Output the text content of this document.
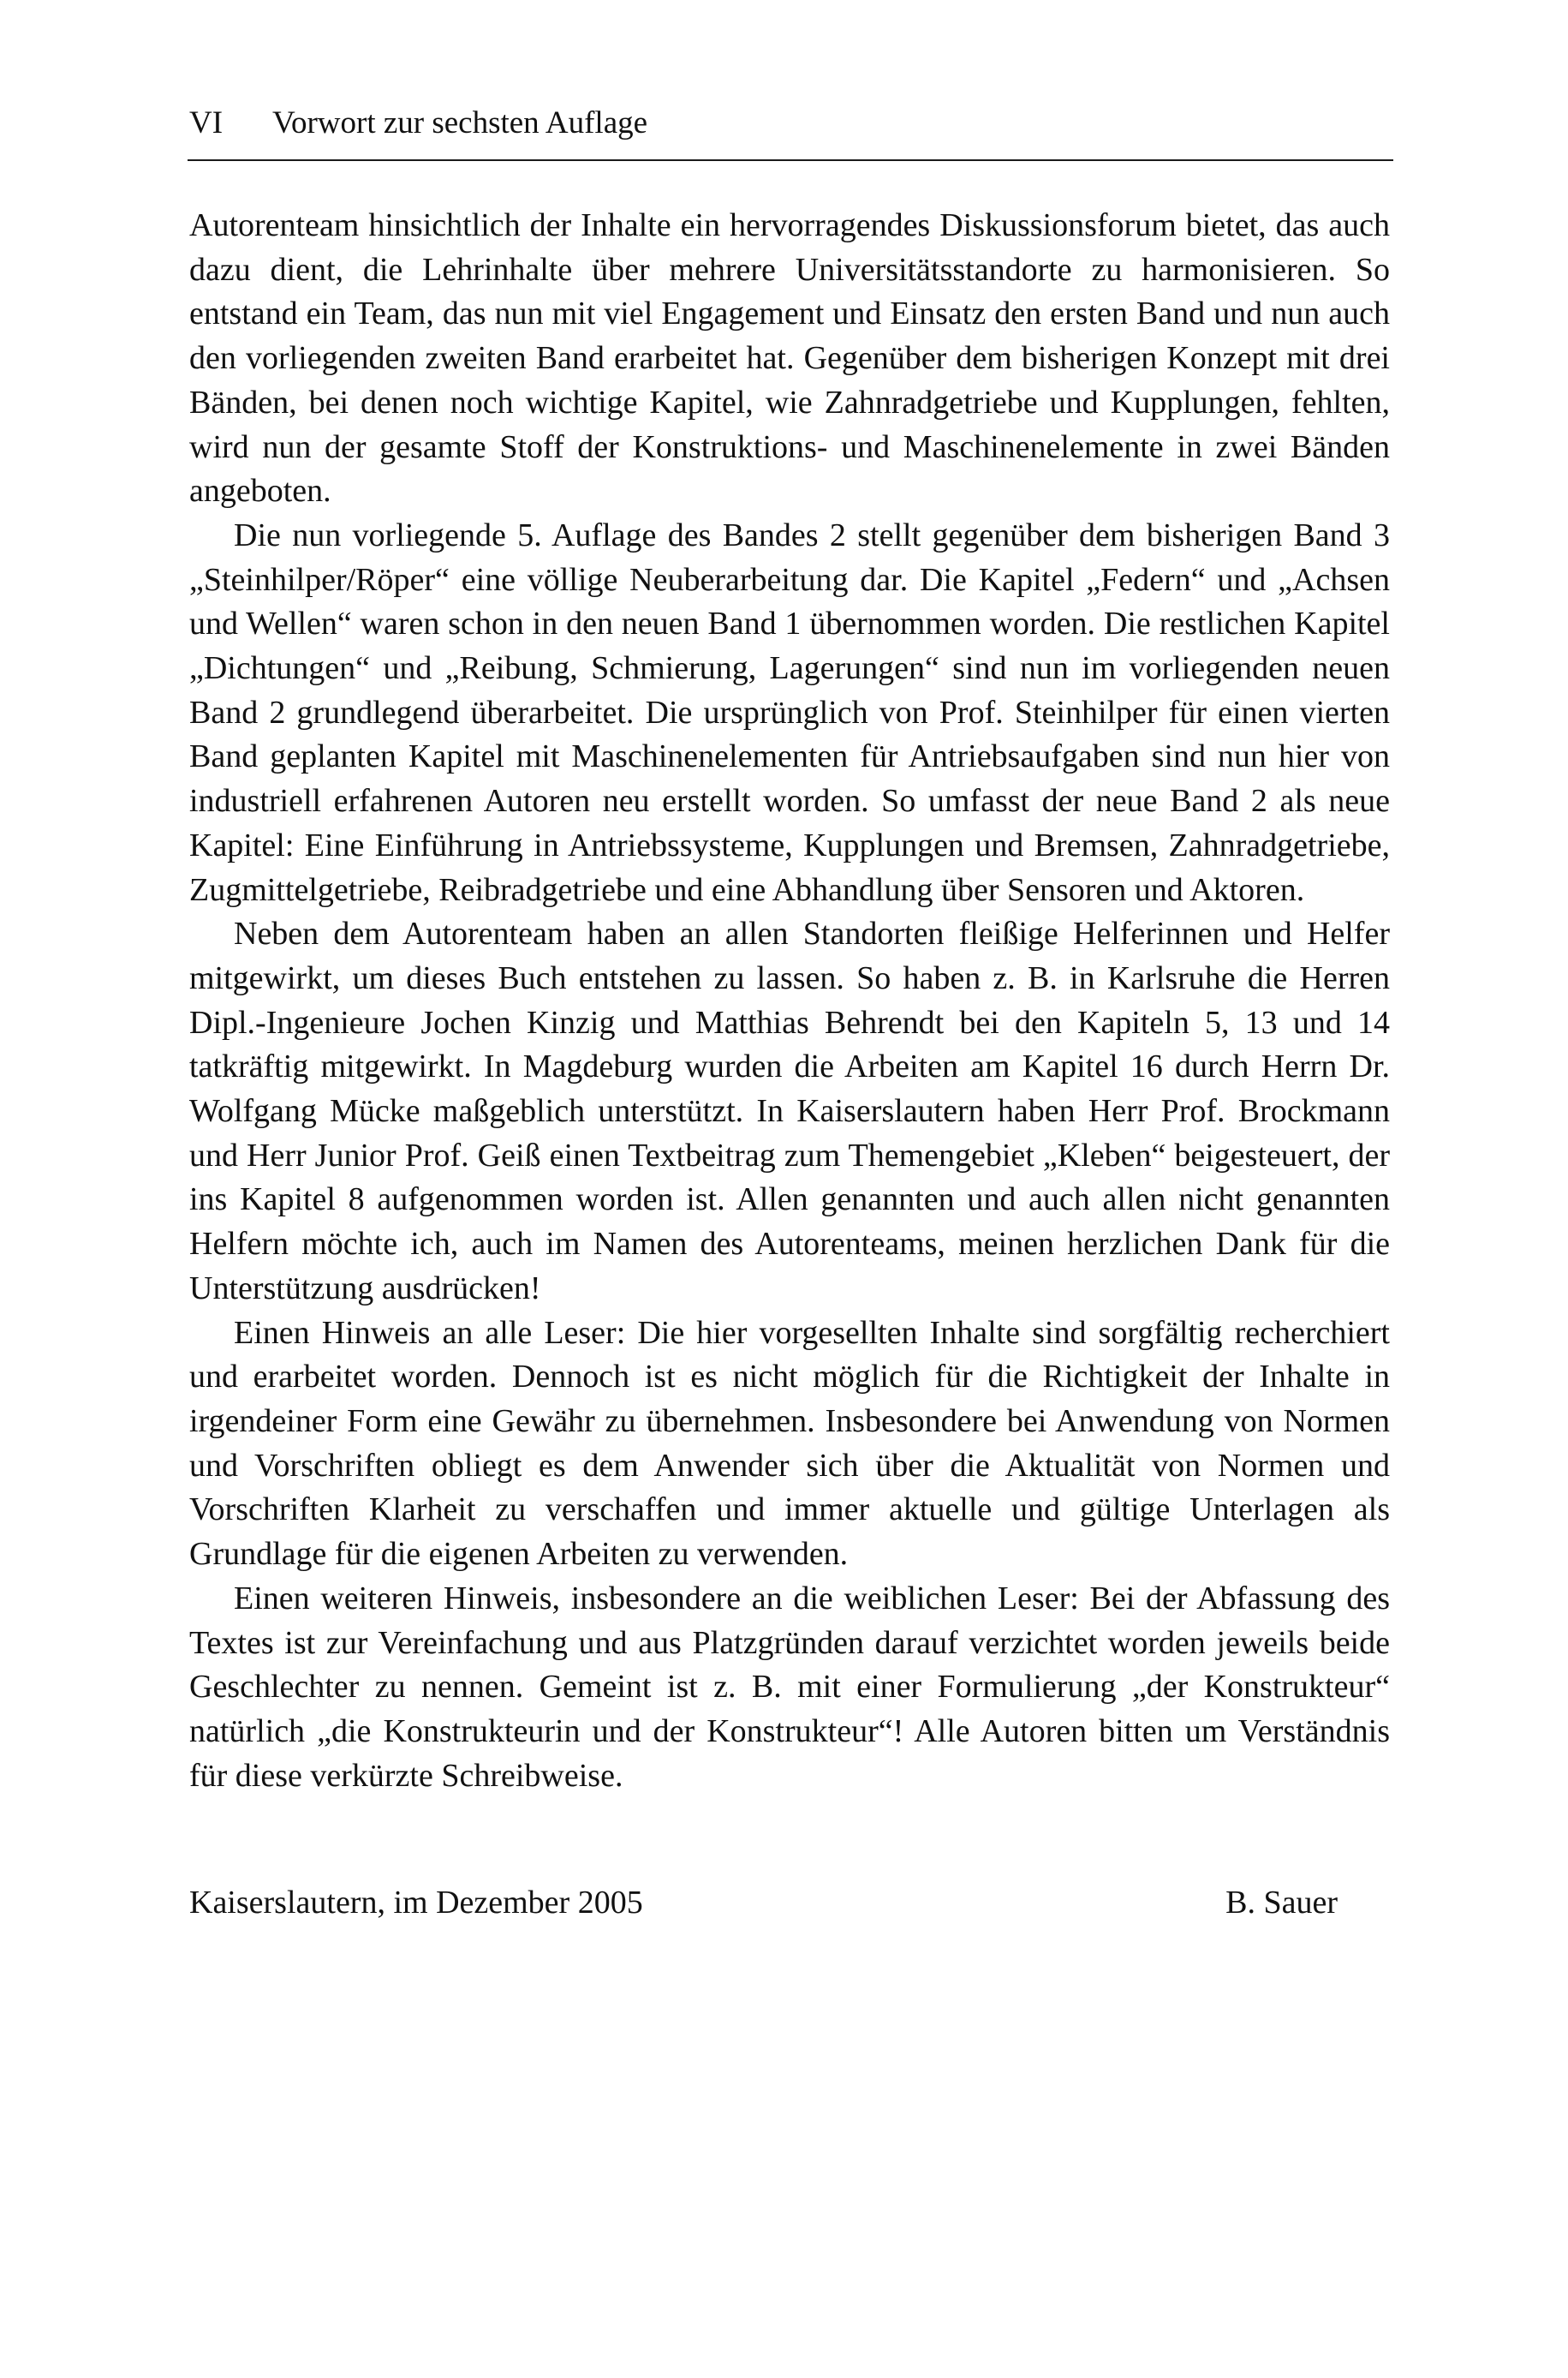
VI Vorwort zur sechsten Auflage

Autorenteam hinsichtlich der Inhalte ein hervorragendes Diskussionsforum bietet, das auch dazu dient, die Lehrinhalte über mehrere Universitätsstandorte zu harmonisieren. So entstand ein Team, das nun mit viel Engagement und Einsatz den ersten Band und nun auch den vorliegenden zweiten Band erarbeitet hat. Gegenüber dem bisherigen Konzept mit drei Bänden, bei denen noch wichtige Kapitel, wie Zahnradgetriebe und Kupplungen, fehlten, wird nun der gesamte Stoff der Konstruktions- und Maschinenelemente in zwei Bänden angeboten.

Die nun vorliegende 5. Auflage des Bandes 2 stellt gegenüber dem bisherigen Band 3 „Steinhilper/Röper“ eine völlige Neuberarbeitung dar. Die Kapitel „Federn“ und „Achsen und Wellen“ waren schon in den neuen Band 1 übernommen worden. Die restlichen Kapitel „Dichtungen“ und „Reibung, Schmierung, Lagerungen“ sind nun im vorliegenden neuen Band 2 grundlegend überarbeitet. Die ursprünglich von Prof. Steinhilper für einen vierten Band geplanten Kapitel mit Maschinenelementen für Antriebsaufgaben sind nun hier von industriell erfahrenen Autoren neu erstellt worden. So umfasst der neue Band 2 als neue Kapitel: Eine Einführung in Antriebssysteme, Kupplungen und Bremsen, Zahnradgetriebe, Zugmittelgetriebe, Reibradgetriebe und eine Abhandlung über Sensoren und Aktoren.

Neben dem Autorenteam haben an allen Standorten fleißige Helferinnen und Helfer mitgewirkt, um dieses Buch entstehen zu lassen. So haben z. B. in Karlsruhe die Herren Dipl.-Ingenieure Jochen Kinzig und Matthias Behrendt bei den Kapiteln 5, 13 und 14 tatkräftig mitgewirkt. In Magdeburg wurden die Arbeiten am Kapitel 16 durch Herrn Dr. Wolfgang Mücke maßgeblich unterstützt. In Kaiserslautern haben Herr Prof. Brockmann und Herr Junior Prof. Geiß einen Textbeitrag zum Themengebiet „Kleben“ beigesteuert, der ins Kapitel 8 aufgenommen worden ist. Allen genannten und auch allen nicht genannten Helfern möchte ich, auch im Namen des Autorenteams, meinen herzlichen Dank für die Unterstützung ausdrücken!

Einen Hinweis an alle Leser: Die hier vorgesellten Inhalte sind sorgfältig recherchiert und erarbeitet worden. Dennoch ist es nicht möglich für die Richtigkeit der Inhalte in irgendeiner Form eine Gewähr zu übernehmen. Insbesondere bei Anwendung von Normen und Vorschriften obliegt es dem Anwender sich über die Aktualität von Normen und Vorschriften Klarheit zu verschaffen und immer aktuelle und gültige Unterlagen als Grundlage für die eigenen Arbeiten zu verwenden.

Einen weiteren Hinweis, insbesondere an die weiblichen Leser: Bei der Abfassung des Textes ist zur Vereinfachung und aus Platzgründen darauf verzichtet worden jeweils beide Geschlechter zu nennen. Gemeint ist z. B. mit einer Formulierung „der Konstrukteur“ natürlich „die Konstrukteurin und der Konstrukteur“! Alle Autoren bitten um Verständnis für diese verkürzte Schreibweise.

Kaiserslautern, im Dezember 2005	B. Sauer
